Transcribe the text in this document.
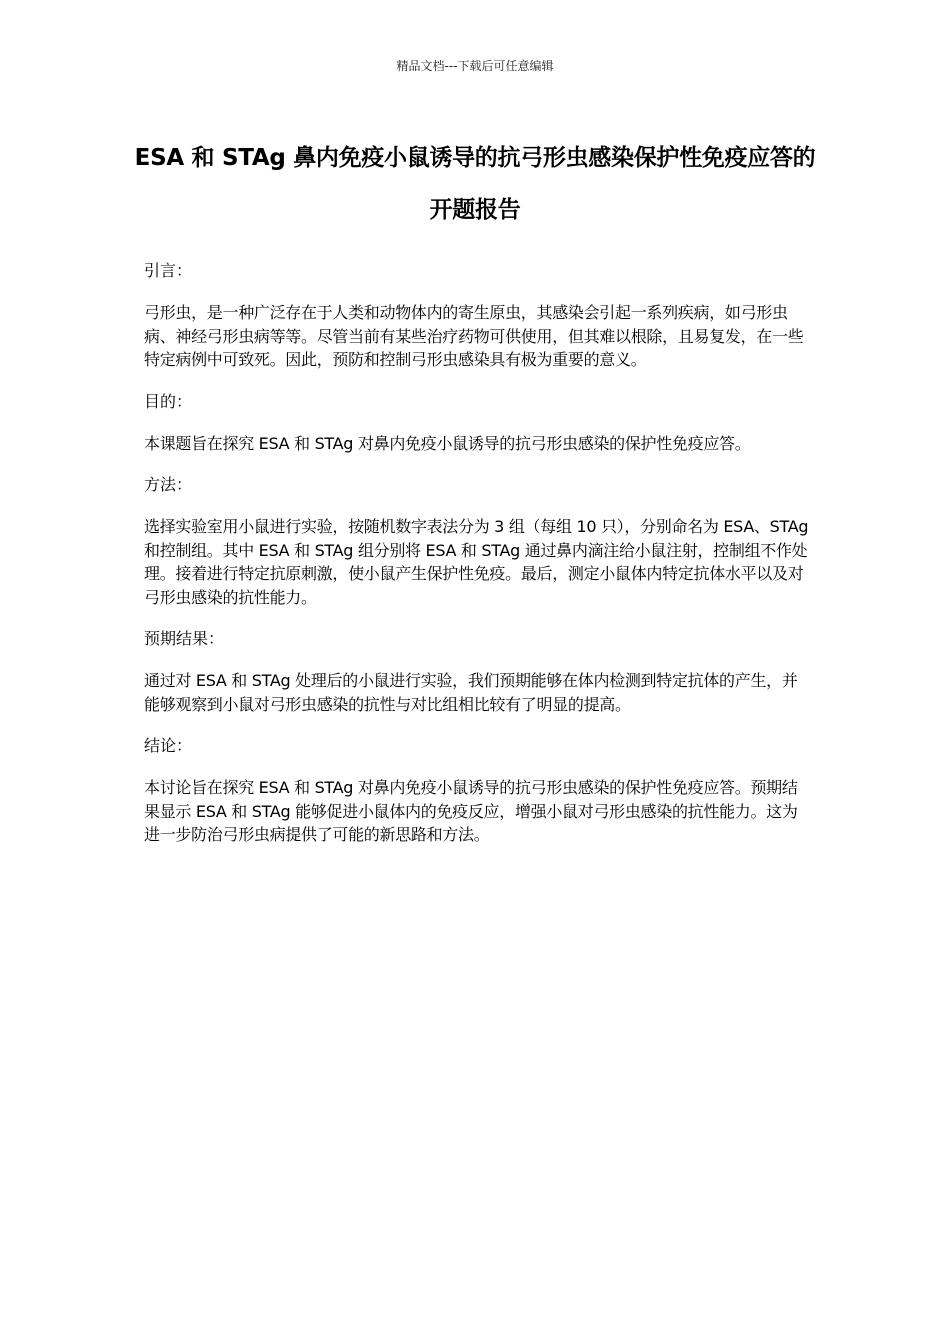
精品文档---下载后可任意编辑
ESA 和 STAg 鼻内免疫小鼠诱导的抗弓形虫感染保护性免疫应答的开题报告

引言：

弓形虫，是一种广泛存在于人类和动物体内的寄生原虫，其感染会引起一系列疾病，如弓形虫病、神经弓形虫病等等。尽管当前有某些治疗药物可供使用，但其难以根除，且易复发，在一些特定病例中可致死。因此，预防和控制弓形虫感染具有极为重要的意义。

目的：

本课题旨在探究 ESA 和 STAg 对鼻内免疫小鼠诱导的抗弓形虫感染的保护性免疫应答。

方法：

选择实验室用小鼠进行实验，按随机数字表法分为 3 组（每组 10 只），分别命名为 ESA、STAg 和控制组。其中 ESA 和 STAg 组分别将 ESA 和 STAg 通过鼻内滴注给小鼠注射，控制组不作处理。接着进行特定抗原刺激，使小鼠产生保护性免疫。最后，测定小鼠体内特定抗体水平以及对弓形虫感染的抗性能力。

预期结果：

通过对 ESA 和 STAg 处理后的小鼠进行实验，我们预期能够在体内检测到特定抗体的产生，并能够观察到小鼠对弓形虫感染的抗性与对比组相比较有了明显的提高。

结论：

本讨论旨在探究 ESA 和 STAg 对鼻内免疫小鼠诱导的抗弓形虫感染的保护性免疫应答。预期结果显示 ESA 和 STAg 能够促进小鼠体内的免疫反应，增强小鼠对弓形虫感染的抗性能力。这为进一步防治弓形虫病提供了可能的新思路和方法。
